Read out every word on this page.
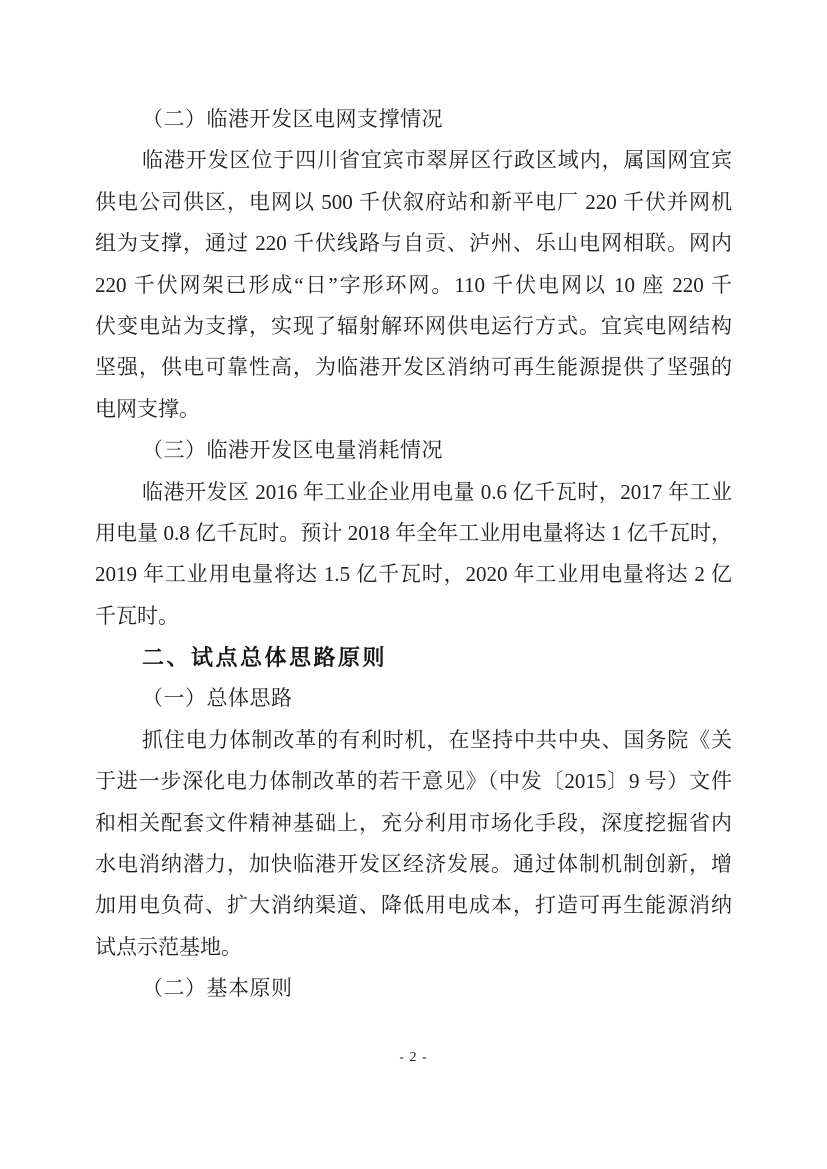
（二）临港开发区电网支撑情况
临港开发区位于四川省宜宾市翠屏区行政区域内，属国网宜宾
供电公司供区，电网以 500 千伏叙府站和新平电厂 220 千伏并网机
组为支撑，通过 220 千伏线路与自贡、泸州、乐山电网相联。网内
220 千伏网架已形成“日”字形环网。110 千伏电网以 10 座 220 千
伏变电站为支撑，实现了辐射解环网供电运行方式。宜宾电网结构
坚强，供电可靠性高，为临港开发区消纳可再生能源提供了坚强的
电网支撑。
（三）临港开发区电量消耗情况
临港开发区 2016 年工业企业用电量 0.6 亿千瓦时，2017 年工业
用电量 0.8 亿千瓦时。预计 2018 年全年工业用电量将达 1 亿千瓦时，
2019 年工业用电量将达 1.5 亿千瓦时，2020 年工业用电量将达 2 亿
千瓦时。
二、试点总体思路原则
（一）总体思路
抓住电力体制改革的有利时机，在坚持中共中央、国务院《关
于进一步深化电力体制改革的若干意见》（中发〔2015〕9 号）文件
和相关配套文件精神基础上，充分利用市场化手段，深度挖掘省内
水电消纳潜力，加快临港开发区经济发展。通过体制机制创新，增
加用电负荷、扩大消纳渠道、降低用电成本，打造可再生能源消纳
试点示范基地。
（二）基本原则
- 2 -
